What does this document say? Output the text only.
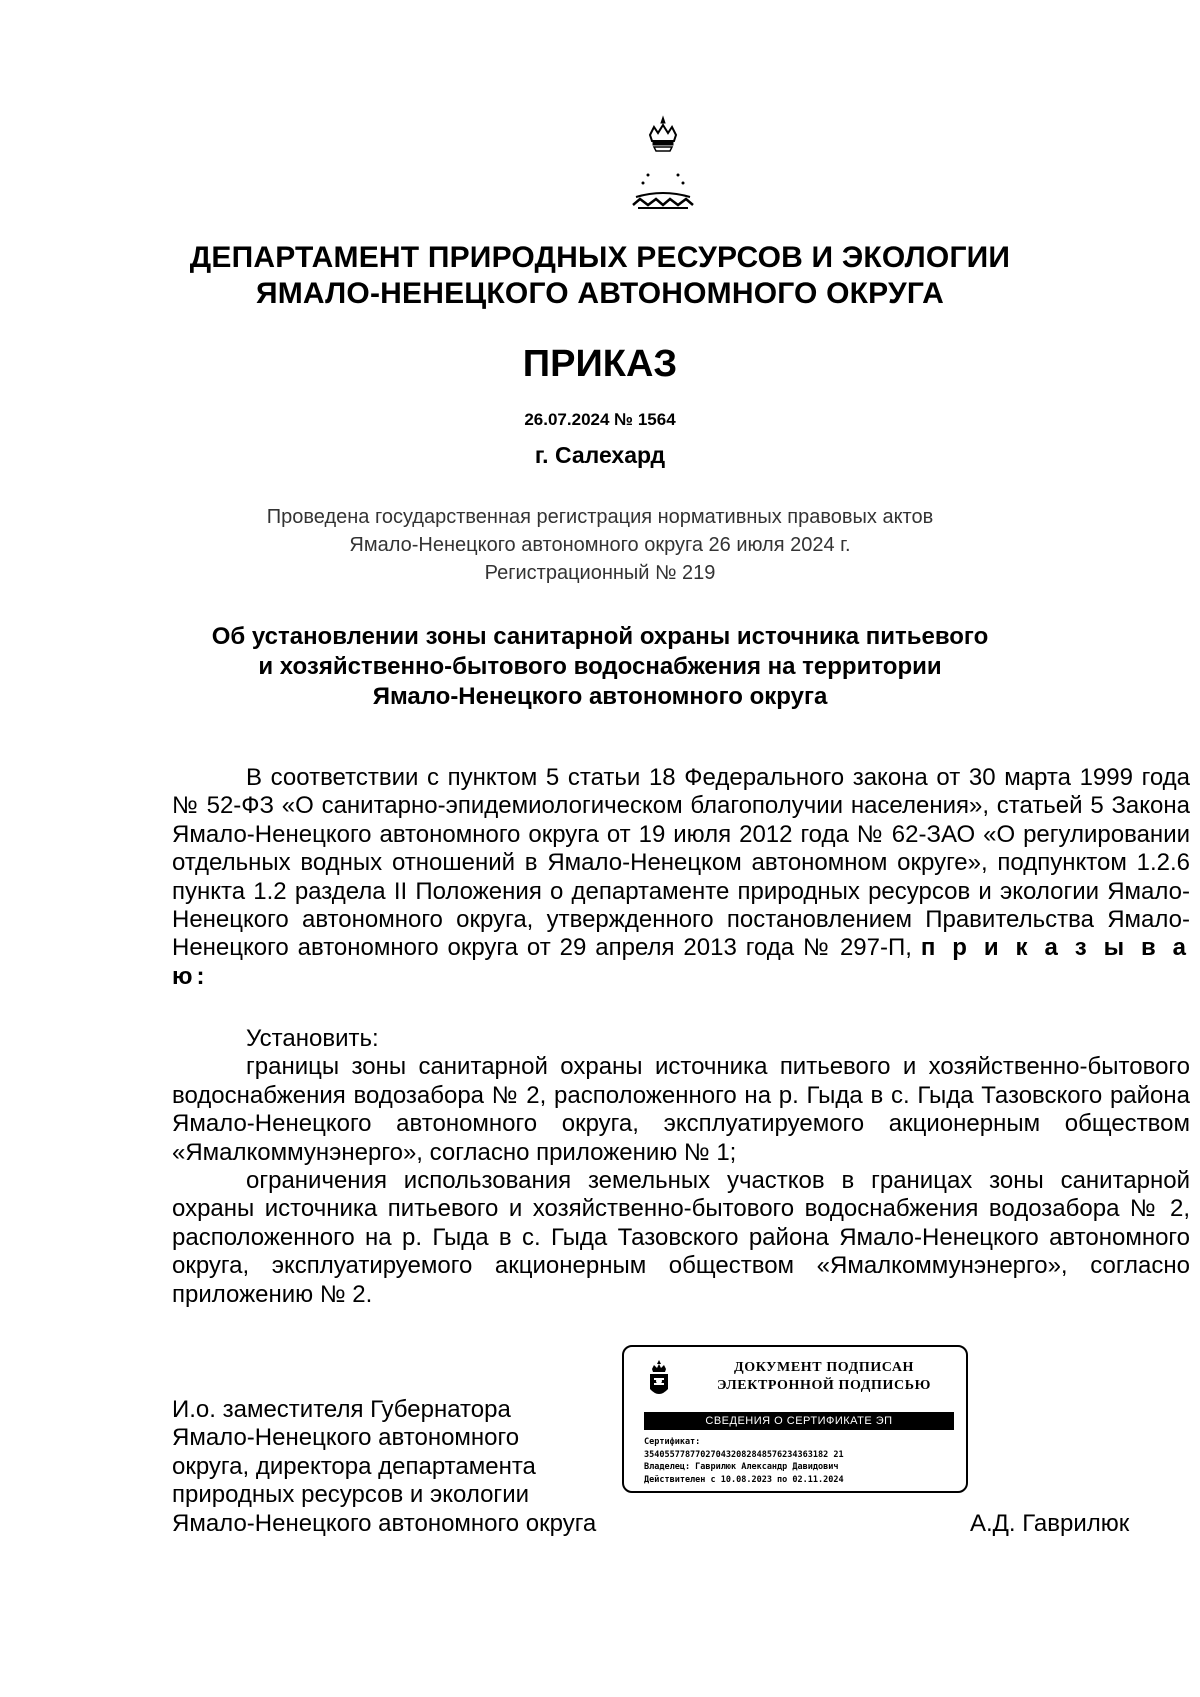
ДЕПАРТАМЕНТ ПРИРОДНЫХ РЕСУРСОВ И ЭКОЛОГИИ
ЯМАЛО-НЕНЕЦКОГО АВТОНОМНОГО ОКРУГА
ПРИКАЗ
26.07.2024 № 1564
г. Салехард
Проведена государственная регистрация нормативных правовых актов
Ямало-Ненецкого автономного округа 26 июля 2024 г.
Регистрационный № 219
Об установлении зоны санитарной охраны источника питьевого
и хозяйственно-бытового водоснабжения на территории
Ямало-Ненецкого автономного округа

В соответствии с пунктом 5 статьи 18 Федерального закона от 30 марта 1999 года № 52-ФЗ «О санитарно-эпидемиологическом благополучии населения», статьей 5 Закона Ямало-Ненецкого автономного округа от 19 июля 2012 года № 62-ЗАО «О регулировании отдельных водных отношений в Ямало-Ненецком автономном округе», подпунктом 1.2.6 пункта 1.2 раздела II Положения о департаменте природных ресурсов и экологии Ямало-Ненецкого автономного округа, утвержденного постановлением Правительства Ямало-Ненецкого автономного округа от 29 апреля 2013 года № 297-П, п р и к а з ы в а ю:

Установить:

границы зоны санитарной охраны источника питьевого и хозяйственно-бытового водоснабжения водозабора № 2, расположенного на р. Гыда в с. Гыда Тазовского района Ямало-Ненецкого автономного округа, эксплуатируемого акционерным обществом «Ямалкоммунэнерго», согласно приложению № 1;

ограничения использования земельных участков в границах зоны санитарной охраны источника питьевого и хозяйственно-бытового водоснабжения водозабора № 2, расположенного на р. Гыда в с. Гыда Тазовского района Ямало-Ненецкого автономного округа, эксплуатируемого акционерным обществом «Ямалкоммунэнерго», согласно приложению № 2.

ДОКУМЕНТ ПОДПИСАН
ЭЛЕКТРОННОЙ ПОДПИСЬЮ
СВЕДЕНИЯ О СЕРТИФИКАТЕ ЭП
Сертификат:
354055778770270432082848576234363182 21
Владелец: Гаврилюк Александр Давидович
Действителен с 10.08.2023 по 02.11.2024
И.о. заместителя Губернатора
Ямало-Ненецкого автономного
округа, директора департамента
природных ресурсов и экологии
Ямало-Ненецкого автономного округа	А.Д. Гаврилюк
